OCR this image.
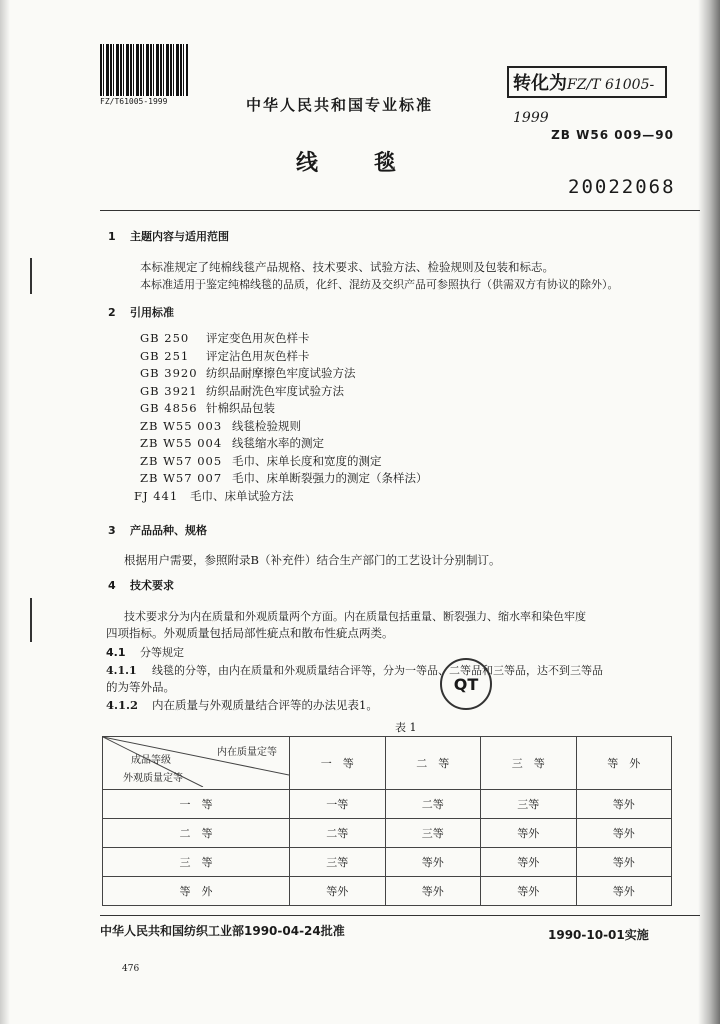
FZ/T61005-1999	中华人民共和国专业标准
转化为FZ/T 61005-1999
ZB W56 009—90
线毯
20022068
1 主题内容与适用范围
本标准规定了纯棉线毯产品规格、技术要求、试验方法、检验规则及包装和标志。
本标准适用于鉴定纯棉线毯的品质，化纤、混纺及交织产品可参照执行（供需双方有协议的除外）。
2 引用标准
GB 250 评定变色用灰色样卡
GB 251 评定沾色用灰色样卡
GB 3920 纺织品耐摩擦色牢度试验方法
GB 3921 纺织品耐洗色牢度试验方法
GB 4856 针棉织品包装
ZB W55 003 线毯检验规则
ZB W55 004 线毯缩水率的测定
ZB W57 005 毛巾、床单长度和宽度的测定
ZB W57 007 毛巾、床单断裂强力的测定（条样法）
FJ 441 毛巾、床单试验方法
3 产品品种、规格
根据用户需要，参照附录B（补充件）结合生产部门的工艺设计分别制订。
4 技术要求
技术要求分为内在质量和外观质量两个方面。内在质量包括重量、断裂强力、缩水率和染色牢度
四项指标。外观质量包括局部性疵点和散布性疵点两类。
4.1 分等规定
4.1.1 线毯的分等，由内在质量和外观质量结合评等，分为一等品、二等品和三等品，达不到三等品
的为等外品。
4.1.2 内在质量与外观质量结合评等的办法见表1。
QT
表 1
内在质量定等
成品等级
外观质量定等	一　等	二　等	三　等	等　外
一　等	一等	二等	三等	等外
二　等	二等	三等	等外	等外
三　等	三等	等外	等外	等外
等　外	等外	等外	等外	等外
中华人民共和国纺织工业部1990-04-24批准	1990-10-01实施
476
